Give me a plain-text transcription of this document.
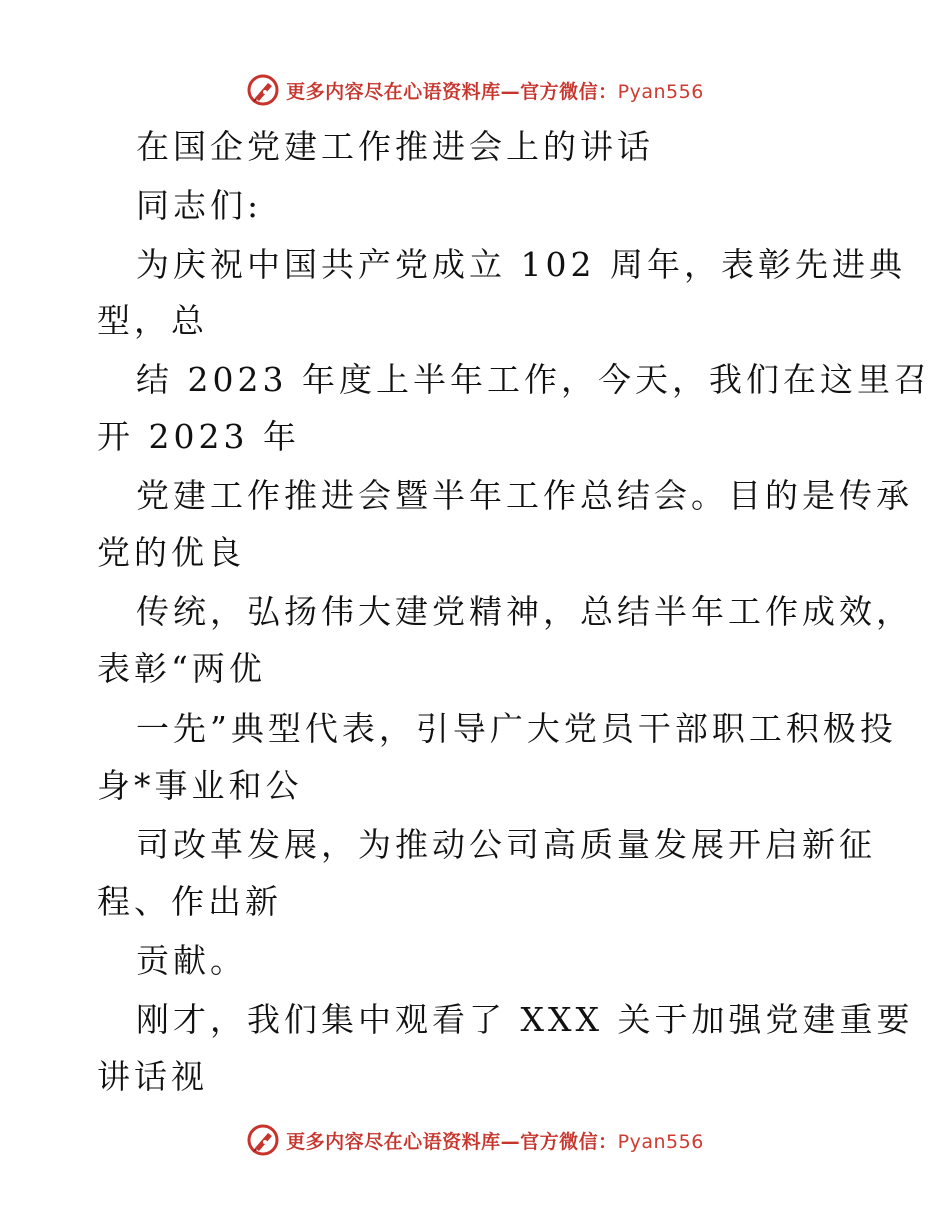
更多内容尽在心语资料库—官方微信：Pyan556
在国企党建工作推进会上的讲话
同志们:
为庆祝中国共产党成立 102 周年，表彰先进典
型，总
结 2023 年度上半年工作，今天，我们在这里召
开 2023 年
党建工作推进会暨半年工作总结会。目的是传承
党的优良
传统，弘扬伟大建党精神，总结半年工作成效，
表彰“两优
一先”典型代表，引导广大党员干部职工积极投
身*事业和公
司改革发展，为推动公司高质量发展开启新征
程、作出新
贡献。
刚才，我们集中观看了 XXX 关于加强党建重要
讲话视
更多内容尽在心语资料库—官方微信：Pyan556
